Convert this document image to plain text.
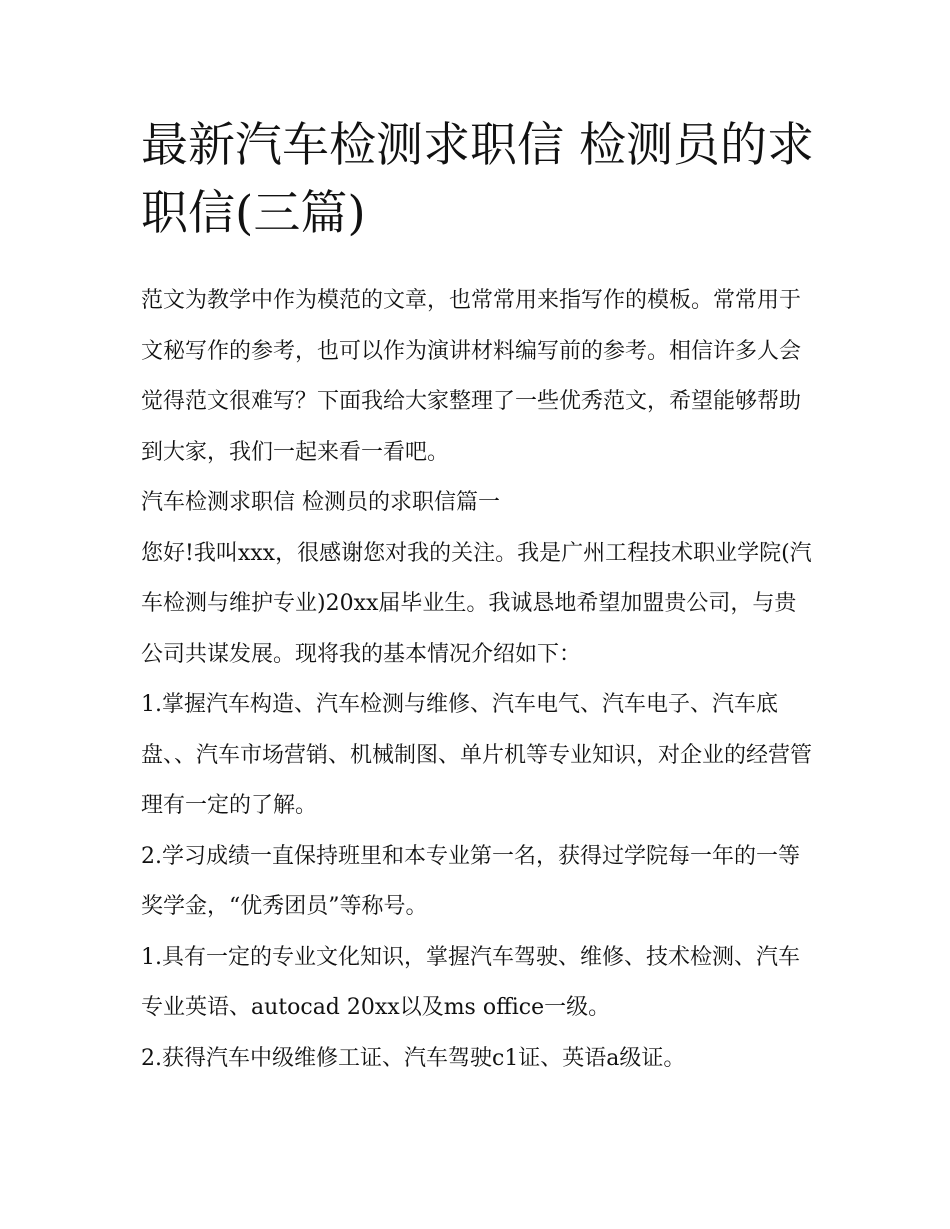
最新汽车检测求职信 检测员的求职信(三篇)

范文为教学中作为模范的文章，也常常用来指写作的模板。常常用于文秘写作的参考，也可以作为演讲材料编写前的参考。相信许多人会觉得范文很难写？下面我给大家整理了一些优秀范文，希望能够帮助到大家，我们一起来看一看吧。

汽车检测求职信 检测员的求职信篇一

您好!我叫xxx，很感谢您对我的关注。我是广州工程技术职业学院(汽车检测与维护专业)20xx届毕业生。我诚恳地希望加盟贵公司，与贵公司共谋发展。现将我的基本情况介绍如下：

1.掌握汽车构造、汽车检测与维修、汽车电气、汽车电子、汽车底盘、、汽车市场营销、机械制图、单片机等专业知识，对企业的经营管理有一定的了解。

2.学习成绩一直保持班里和本专业第一名，获得过学院每一年的一等奖学金，“优秀团员”等称号。

1.具有一定的专业文化知识，掌握汽车驾驶、维修、技术检测、汽车专业英语、autocad 20xx以及ms office一级。

2.获得汽车中级维修工证、汽车驾驶c1证、英语a级证。
